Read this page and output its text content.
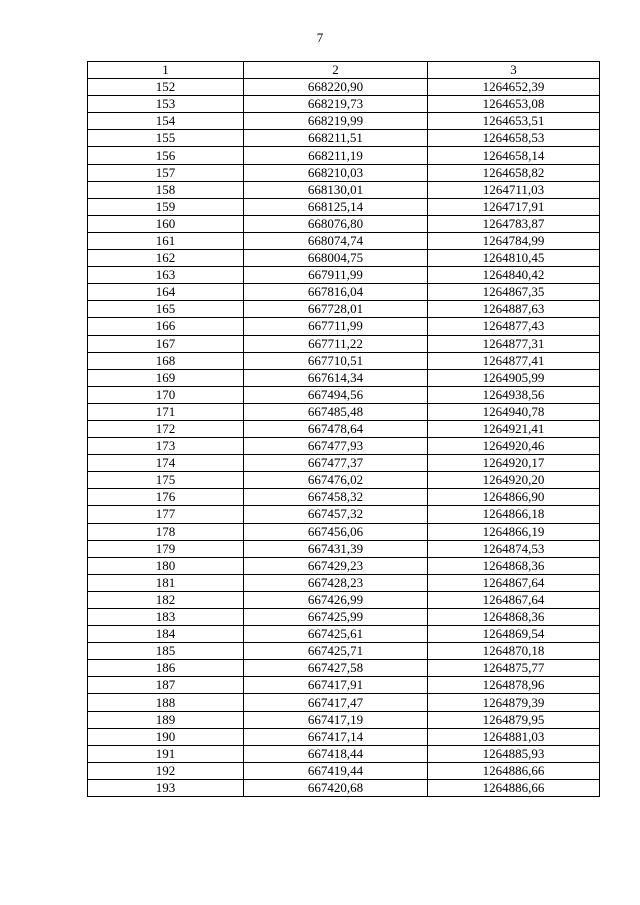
7
1	2	3
152	668220,90	1264652,39
153	668219,73	1264653,08
154	668219,99	1264653,51
155	668211,51	1264658,53
156	668211,19	1264658,14
157	668210,03	1264658,82
158	668130,01	1264711,03
159	668125,14	1264717,91
160	668076,80	1264783,87
161	668074,74	1264784,99
162	668004,75	1264810,45
163	667911,99	1264840,42
164	667816,04	1264867,35
165	667728,01	1264887,63
166	667711,99	1264877,43
167	667711,22	1264877,31
168	667710,51	1264877,41
169	667614,34	1264905,99
170	667494,56	1264938,56
171	667485,48	1264940,78
172	667478,64	1264921,41
173	667477,93	1264920,46
174	667477,37	1264920,17
175	667476,02	1264920,20
176	667458,32	1264866,90
177	667457,32	1264866,18
178	667456,06	1264866,19
179	667431,39	1264874,53
180	667429,23	1264868,36
181	667428,23	1264867,64
182	667426,99	1264867,64
183	667425,99	1264868,36
184	667425,61	1264869,54
185	667425,71	1264870,18
186	667427,58	1264875,77
187	667417,91	1264878,96
188	667417,47	1264879,39
189	667417,19	1264879,95
190	667417,14	1264881,03
191	667418,44	1264885,93
192	667419,44	1264886,66
193	667420,68	1264886,66
